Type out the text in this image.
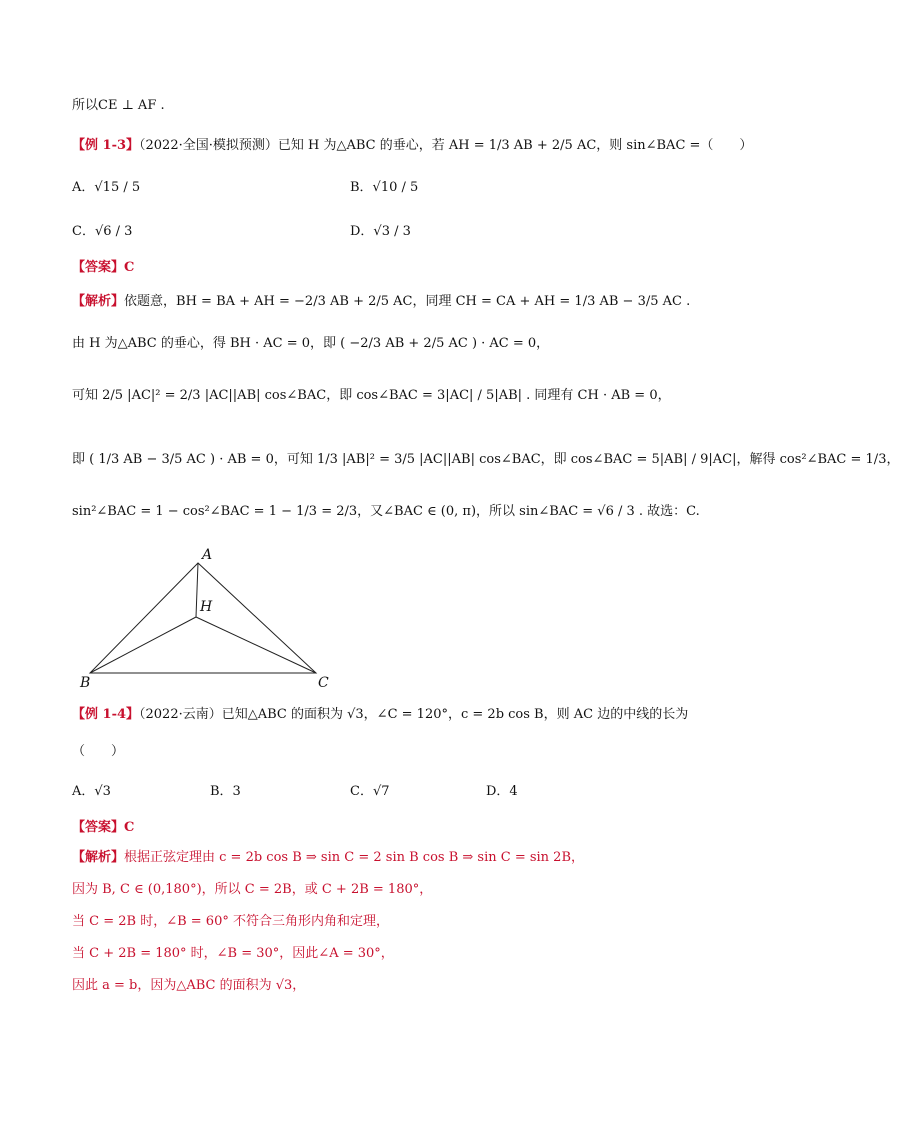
所以CE ⊥ AF .
【例 1-3】（2022·全国·模拟预测）已知 H 为△ABC 的垂心，若 AH = 1/3 AB + 2/5 AC，则 sin∠BAC =（　　）
A．√15 / 5	B．√10 / 5
C．√6 / 3	D．√3 / 3
【答案】C
【解析】依题意，BH = BA + AH = −2/3 AB + 2/5 AC，同理 CH = CA + AH = 1/3 AB − 3/5 AC .
由 H 为△ABC 的垂心，得 BH · AC = 0，即 ( −2/3 AB + 2/5 AC ) · AC = 0，
可知 2/5 |AC|² = 2/3 |AC||AB| cos∠BAC，即 cos∠BAC = 3|AC| / 5|AB| . 同理有 CH · AB = 0，
即 ( 1/3 AB − 3/5 AC ) · AB = 0，可知 1/3 |AB|² = 3/5 |AC||AB| cos∠BAC，即 cos∠BAC = 5|AB| / 9|AC|，解得 cos²∠BAC = 1/3，
sin²∠BAC = 1 − cos²∠BAC = 1 − 1/3 = 2/3，又∠BAC ∈ (0, π)，所以 sin∠BAC = √6 / 3 . 故选：C.
A
H
B	C
【例 1-4】（2022·云南）已知△ABC 的面积为 √3，∠C = 120°，c = 2b cos B，则 AC 边的中线的长为
（　　）
A．√3	B．3	C．√7	D．4
【答案】C
【解析】根据正弦定理由 c = 2b cos B ⇒ sin C = 2 sin B cos B ⇒ sin C = sin 2B，
因为 B, C ∈ (0,180°)，所以 C = 2B，或 C + 2B = 180°，
当 C = 2B 时，∠B = 60° 不符合三角形内角和定理，
当 C + 2B = 180° 时，∠B = 30°，因此∠A = 30°，
因此 a = b，因为△ABC 的面积为 √3，
